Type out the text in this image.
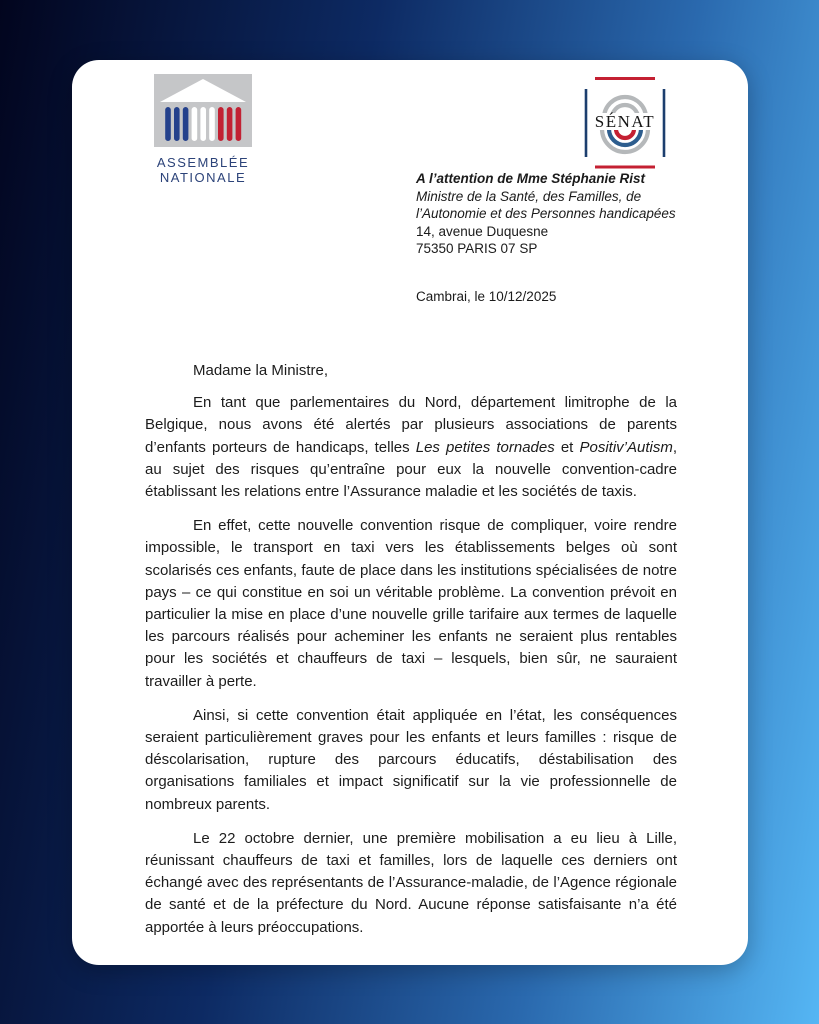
ASSEMBLÉE
NATIONALE
SÉNAT
A l’attention de Mme Stéphanie Rist
Ministre de la Santé, des Familles, de
l’Autonomie et des Personnes handicapées
14, avenue Duquesne
75350 PARIS 07 SP
Cambrai, le 10/12/2025

Madame la Ministre,

En tant que parlementaires du Nord, département limitrophe de la Belgique, nous avons été alertés par plusieurs associations de parents d’enfants porteurs de handicaps, telles Les petites tornades et Positiv’Autism, au sujet des risques qu’entraîne pour eux la nouvelle convention-cadre établissant les relations entre l’Assurance maladie et les sociétés de taxis.

En effet, cette nouvelle convention risque de compliquer, voire rendre impossible, le transport en taxi vers les établissements belges où sont scolarisés ces enfants, faute de place dans les institutions spécialisées de notre pays – ce qui constitue en soi un véritable problème. La convention prévoit en particulier la mise en place d’une nouvelle grille tarifaire aux termes de laquelle les parcours réalisés pour acheminer les enfants ne seraient plus rentables pour les sociétés et chauffeurs de taxi – lesquels, bien sûr, ne sauraient travailler à perte.

Ainsi, si cette convention était appliquée en l’état, les conséquences seraient particulièrement graves pour les enfants et leurs familles : risque de déscolarisation, rupture des parcours éducatifs, déstabilisation des organisations familiales et impact significatif sur la vie professionnelle de nombreux parents.

Le 22 octobre dernier, une première mobilisation a eu lieu à Lille, réunissant chauffeurs de taxi et familles, lors de laquelle ces derniers ont échangé avec des représentants de l’Assurance-maladie, de l’Agence régionale de santé et de la préfecture du Nord. Aucune réponse satisfaisante n’a été apportée à leurs préoccupations.
